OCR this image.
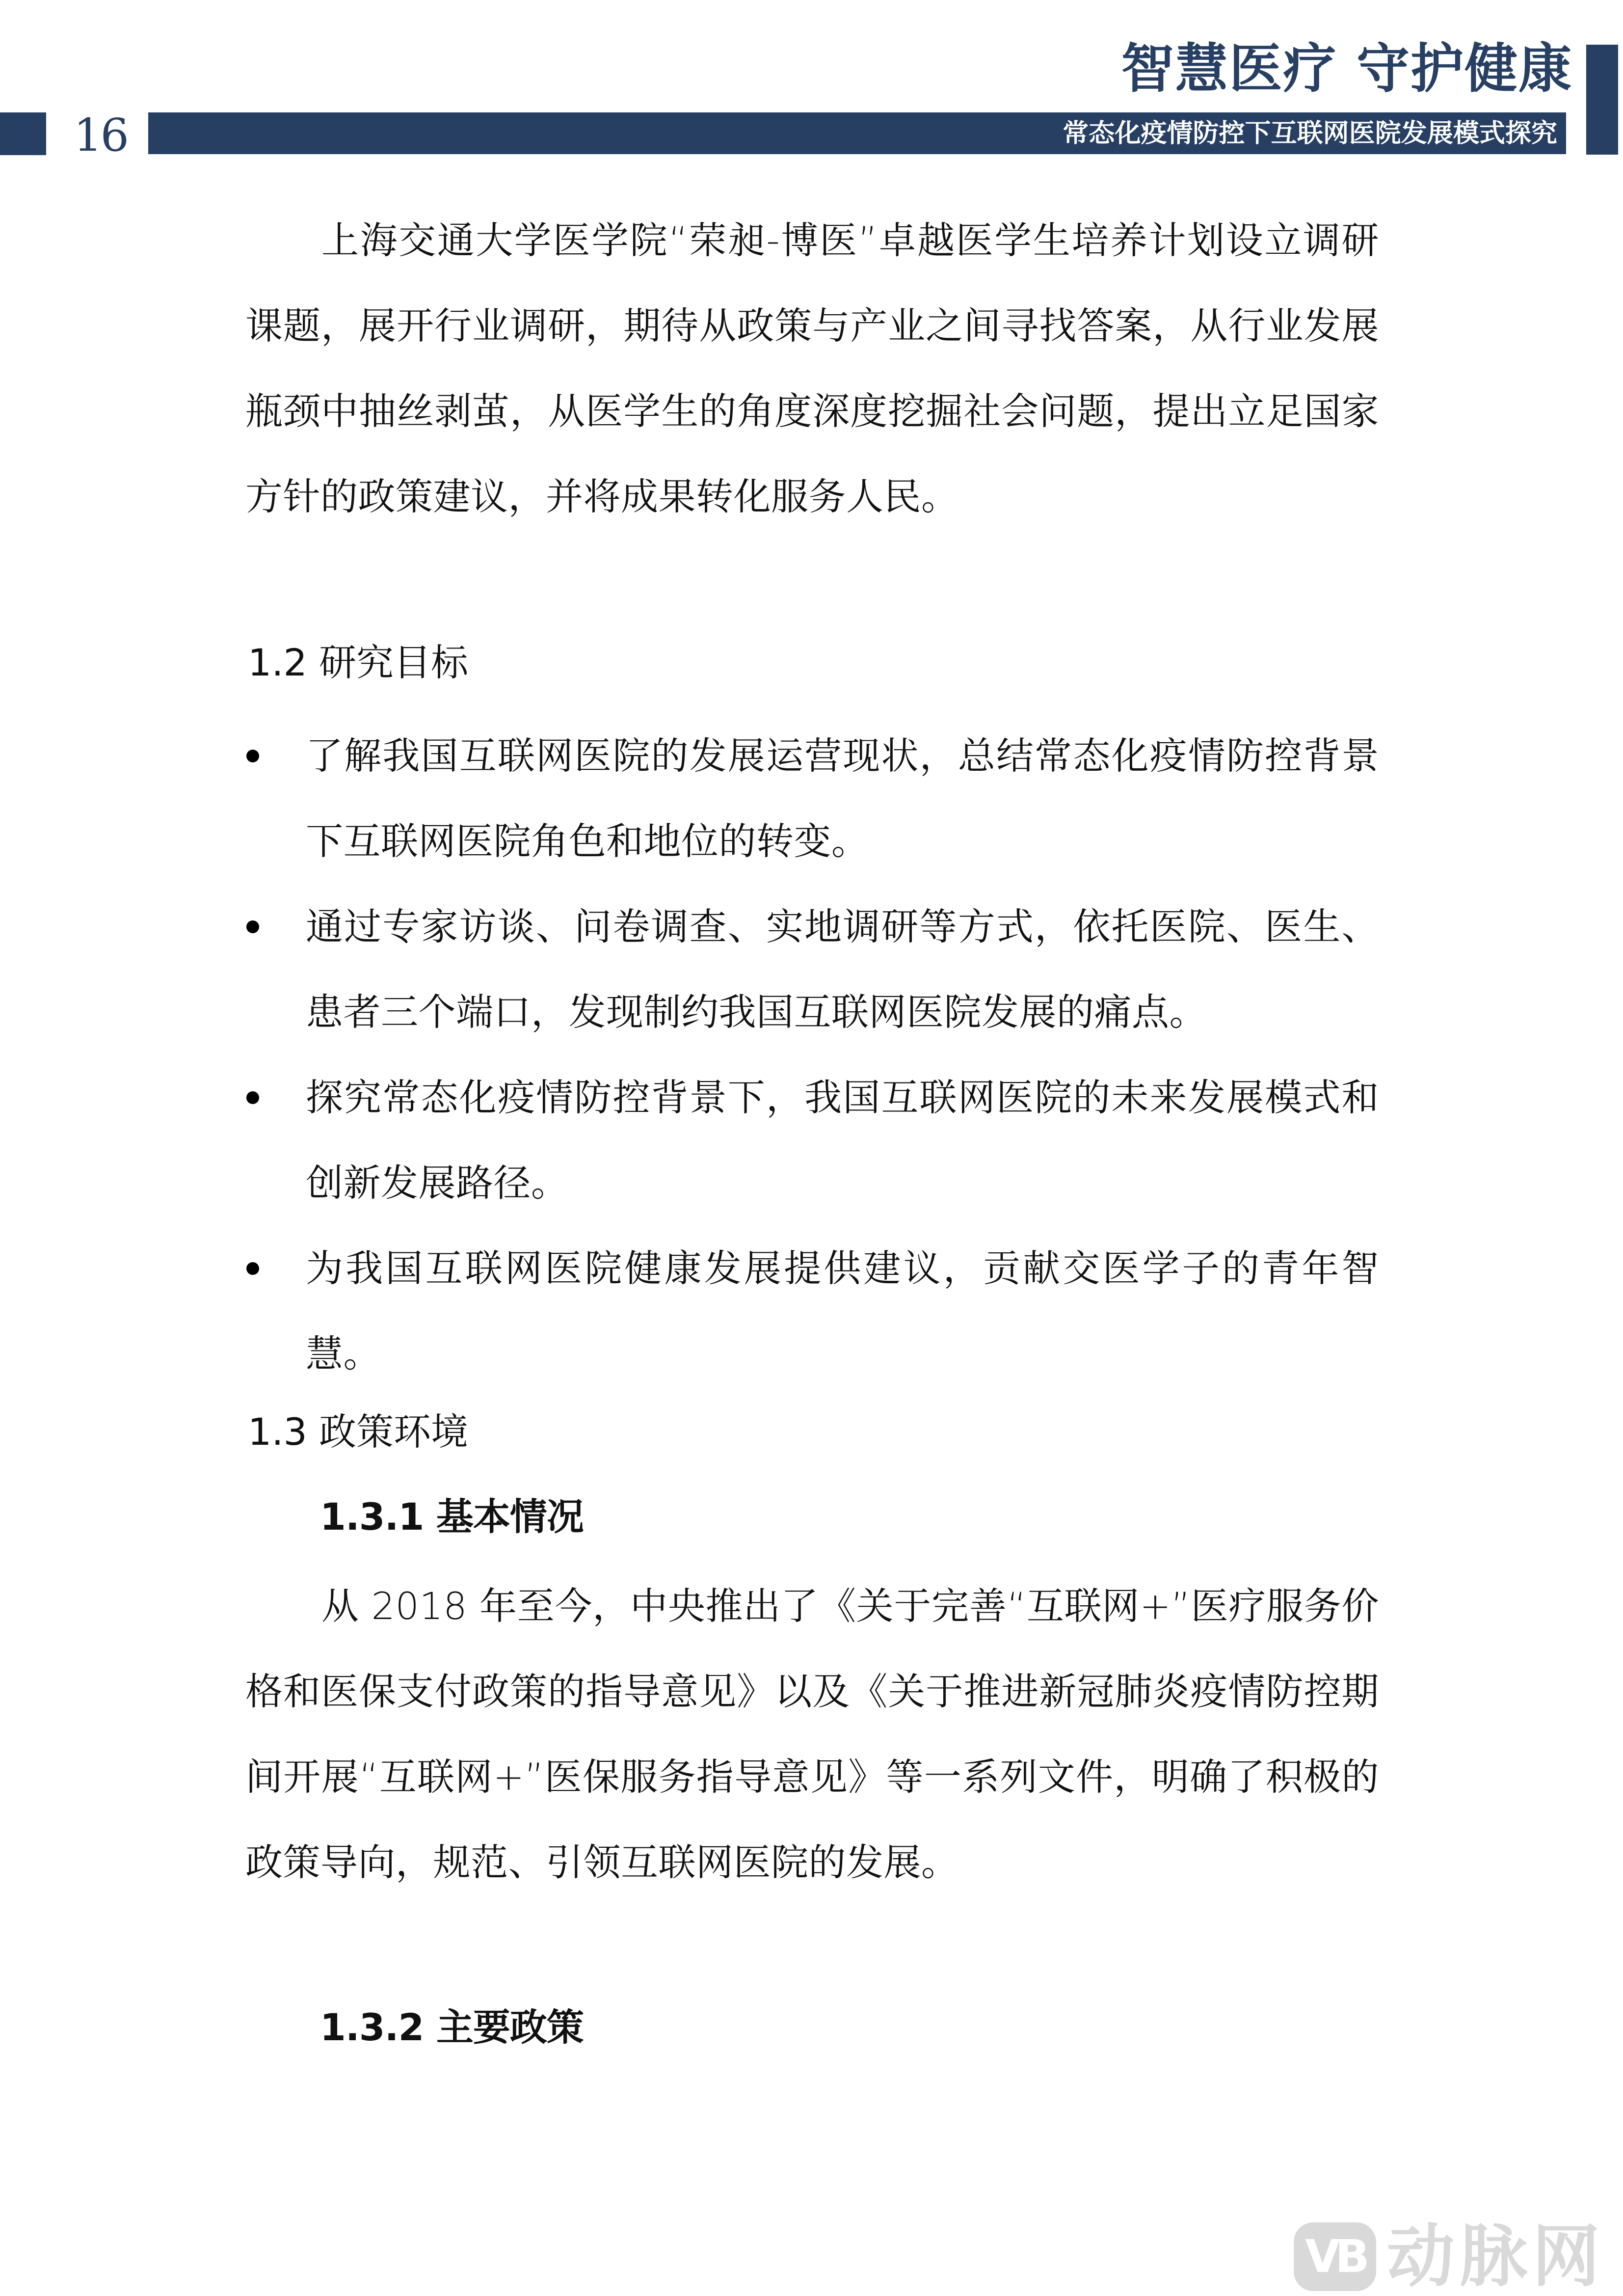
16	常态化疫情防控下互联网医院发展模式探究
智慧医疗 守护健康

上海交通大学医学院“荣昶-博医”卓越医学生培养计划设立调研课题，展开行业调研，期待从政策与产业之间寻找答案，从行业发展瓶颈中抽丝剥茧，从医学生的角度深度挖掘社会问题，提出立足国家方针的政策建议，并将成果转化服务人民。

1.2 研究目标
了解我国互联网医院的发展运营现状，总结常态化疫情防控背景下互联网医院角色和地位的转变。
通过专家访谈、问卷调查、实地调研等方式，依托医院、医生、患者三个端口，发现制约我国互联网医院发展的痛点。
探究常态化疫情防控背景下，我国互联网医院的未来发展模式和创新发展路径。
为我国互联网医院健康发展提供建议，贡献交医学子的青年智慧。
1.3 政策环境
1.3.1 基本情况

从 2018 年至今，中央推出了《关于完善“互联网+”医疗服务价格和医保支付政策的指导意见》以及《关于推进新冠肺炎疫情防控期间开展“互联网+”医保服务指导意见》等一系列文件，明确了积极的政策导向，规范、引领互联网医院的发展。

1.3.2 主要政策
VB 动脉网
